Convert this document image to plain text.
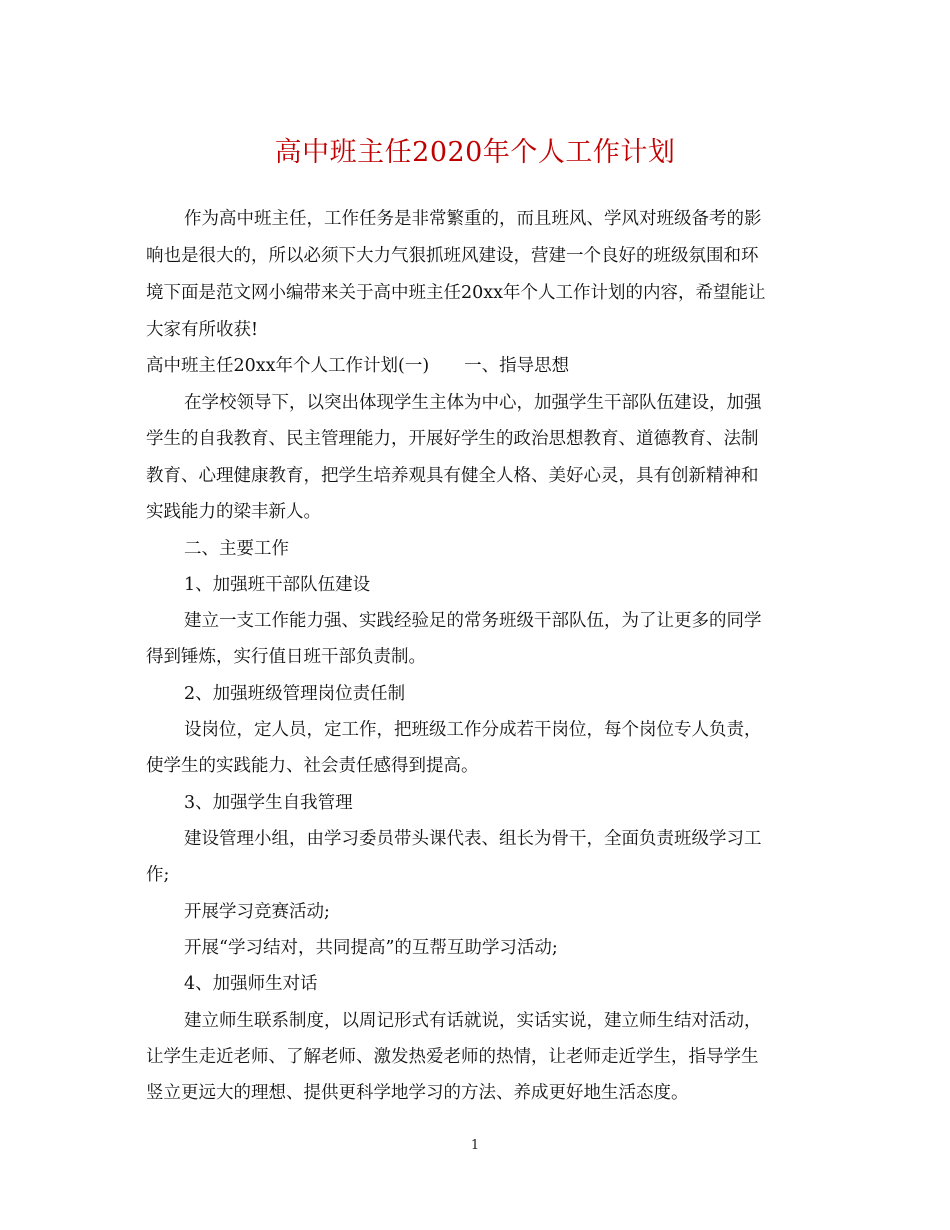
高中班主任2020年个人工作计划
作为高中班主任，工作任务是非常繁重的，而且班风、学风对班级备考的影
响也是很大的，所以必须下大力气狠抓班风建设，营建一个良好的班级氛围和环
境下面是范文网小编带来关于高中班主任20xx年个人工作计划的内容，希望能让
大家有所收获!
高中班主任20xx年个人工作计划(一)　　一、指导思想
在学校领导下，以突出体现学生主体为中心，加强学生干部队伍建设，加强
学生的自我教育、民主管理能力，开展好学生的政治思想教育、道德教育、法制
教育、心理健康教育，把学生培养观具有健全人格、美好心灵，具有创新精神和
实践能力的梁丰新人。
二、主要工作
1、加强班干部队伍建设
建立一支工作能力强、实践经验足的常务班级干部队伍，为了让更多的同学
得到锤炼，实行值日班干部负责制。
2、加强班级管理岗位责任制
设岗位，定人员，定工作，把班级工作分成若干岗位，每个岗位专人负责，
使学生的实践能力、社会责任感得到提高。
3、加强学生自我管理
建设管理小组，由学习委员带头课代表、组长为骨干，全面负责班级学习工
作;
开展学习竞赛活动;
开展“学习结对，共同提高”的互帮互助学习活动;
4、加强师生对话
建立师生联系制度，以周记形式有话就说，实话实说，建立师生结对活动，
让学生走近老师、了解老师、激发热爱老师的热情，让老师走近学生，指导学生
竖立更远大的理想、提供更科学地学习的方法、养成更好地生活态度。
1
